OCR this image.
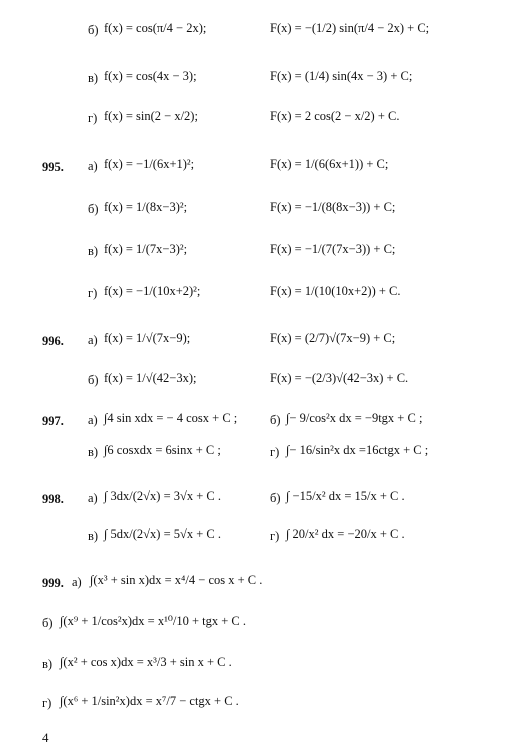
б) f(x) = cos(π/4 − 2x);	F(x) = −(1/2) sin(π/4 − 2x) + C;
в) f(x) = cos(4x − 3);	F(x) = (1/4) sin(4x − 3) + C;
г) f(x) = sin(2 − x/2);	F(x) = 2 cos(2 − x/2) + C.
995. а) f(x) = −1/(6x+1)²;	F(x) = 1/(6(6x+1)) + C;
б) f(x) = 1/(8x−3)²;	F(x) = −1/(8(8x−3)) + C;
в) f(x) = 1/(7x−3)²;	F(x) = −1/(7(7x−3)) + C;
г) f(x) = −1/(10x+2)²;	F(x) = 1/(10(10x+2)) + C.
996. а) f(x) = 1/√(7x−9);	F(x) = (2/7)√(7x−9) + C;
б) f(x) = 1/√(42−3x);	F(x) = −(2/3)√(42−3x) + C.
997. а) ∫4 sin xdx = − 4 cosx + C ;	б) ∫− 9/cos²x dx = −9tgx + C ;
в) ∫6 cosxdx = 6sinx + C ;	г) ∫− 16/sin²x dx =16ctgx + C ;
998. а) ∫ 3dx/(2√x) = 3√x + C .	б) ∫ −15/x² dx = 15/x + C .
в) ∫ 5dx/(2√x) = 5√x + C .	г) ∫ 20/x² dx = −20/x + C .
999. а) ∫(x³ + sin x)dx = x⁴/4 − cos x + C .
б) ∫(x⁹ + 1/cos²x)dx = x¹⁰/10 + tgx + C .
в) ∫(x² + cos x)dx = x³/3 + sin x + C .
г) ∫(x⁶ + 1/sin²x)dx = x⁷/7 − ctgx + C .
4
